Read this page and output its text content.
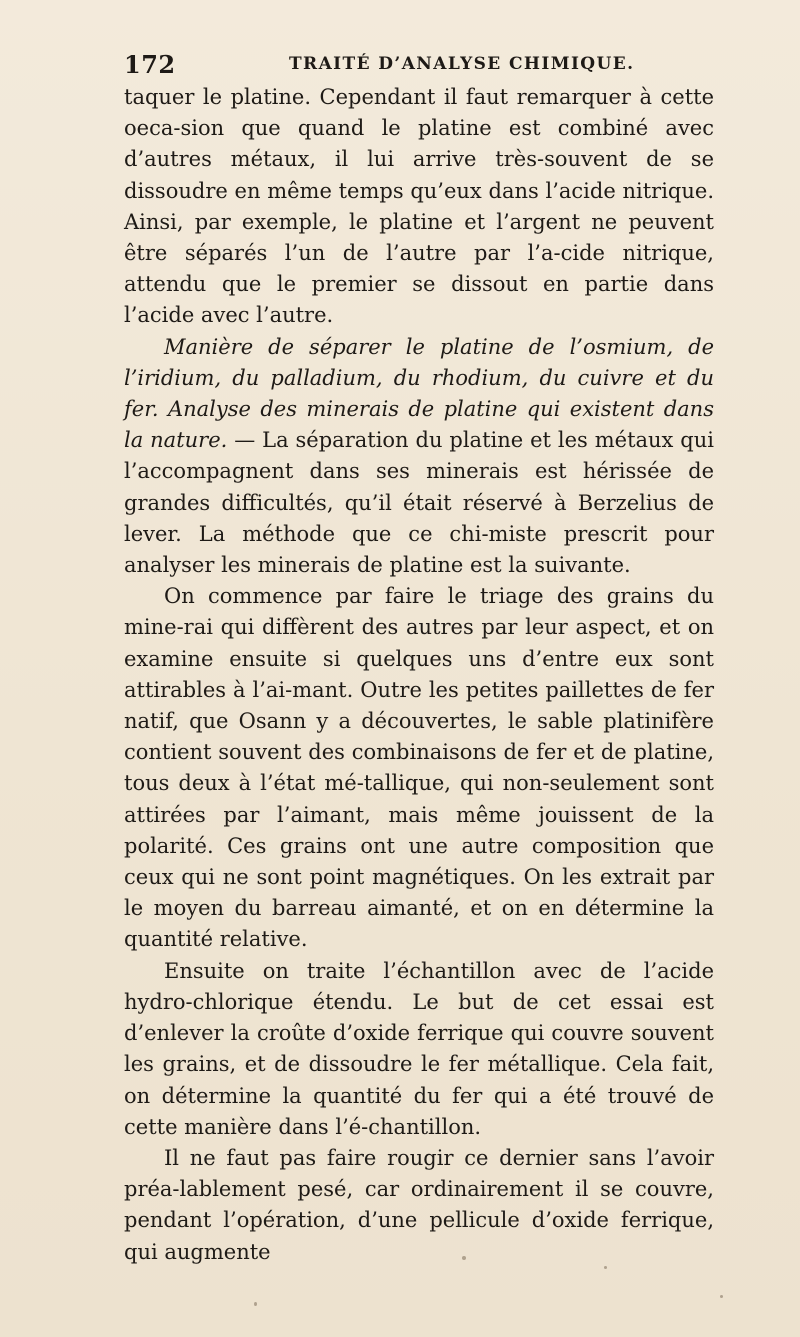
172	TRAITÉ D’ANALYSE CHIMIQUE.

taquer le platine. Cependant il faut remarquer à cette oeca-sion que quand le platine est combiné avec d’autres métaux, il lui arrive très-souvent de se dissoudre en même temps qu’eux dans l’acide nitrique. Ainsi, par exemple, le platine et l’argent ne peuvent être séparés l’un de l’autre par l’a-cide nitrique, attendu que le premier se dissout en partie dans l’acide avec l’autre.

Manière de séparer le platine de l’osmium, de l’iridium, du palladium, du rhodium, du cuivre et du fer. Analyse des minerais de platine qui existent dans la nature. — La séparation du platine et les métaux qui l’accompagnent dans ses minerais est hérissée de grandes difficultés, qu’il était réservé à Berzelius de lever. La méthode que ce chi-miste prescrit pour analyser les minerais de platine est la suivante.

On commence par faire le triage des grains du mine-rai qui diffèrent des autres par leur aspect, et on examine ensuite si quelques uns d’entre eux sont attirables à l’ai-mant. Outre les petites paillettes de fer natif, que Osann y a découvertes, le sable platinifère contient souvent des combinaisons de fer et de platine, tous deux à l’état mé-tallique, qui non-seulement sont attirées par l’aimant, mais même jouissent de la polarité. Ces grains ont une autre composition que ceux qui ne sont point magnétiques. On les extrait par le moyen du barreau aimanté, et on en détermine la quantité relative.

Ensuite on traite l’échantillon avec de l’acide hydro-chlorique étendu. Le but de cet essai est d’enlever la croûte d’oxide ferrique qui couvre souvent les grains, et de dissoudre le fer métallique. Cela fait, on détermine la quantité du fer qui a été trouvé de cette manière dans l’é-chantillon.

Il ne faut pas faire rougir ce dernier sans l’avoir préa-lablement pesé, car ordinairement il se couvre, pendant l’opération, d’une pellicule d’oxide ferrique, qui augmente
